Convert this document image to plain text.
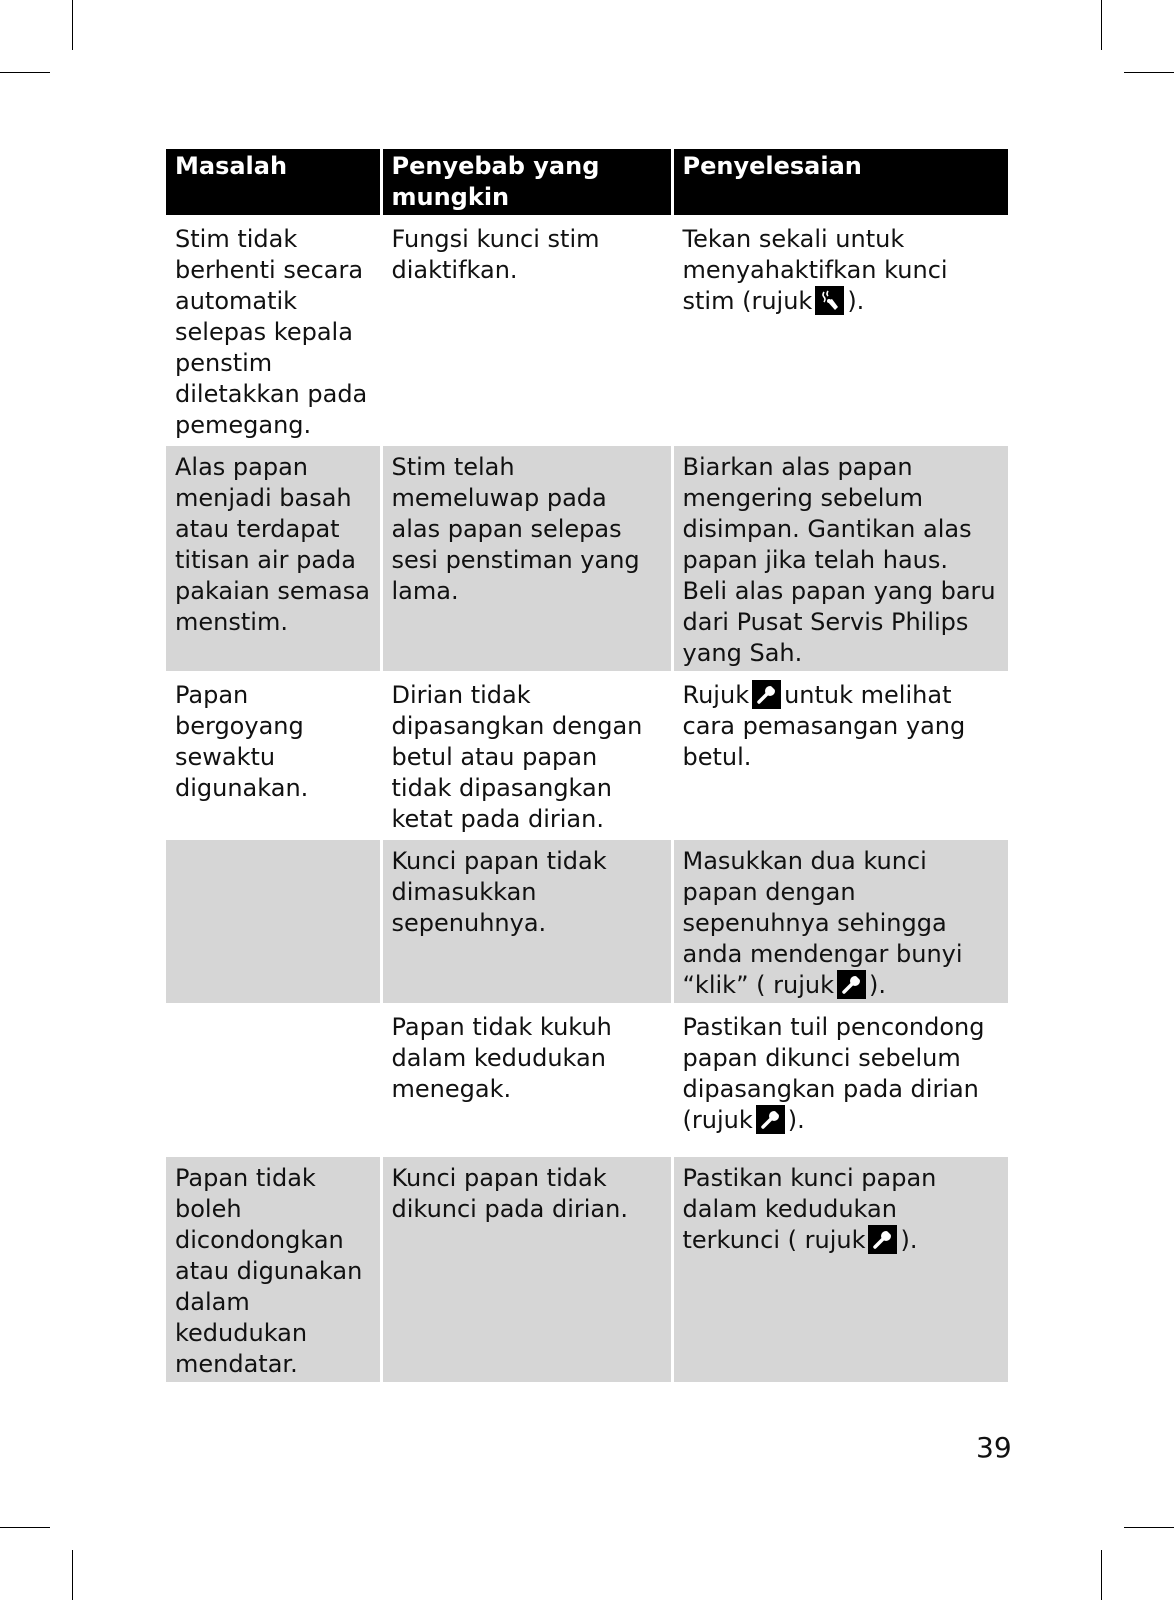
Masalah	Penyebab yang mungkin	Penyelesaian
Stim tidak berhenti secara automatik selepas kepala penstim diletakkan pada pemegang.	Fungsi kunci stim diaktifkan.	Tekan sekali untuk menyahaktifkan kunci stim (rujuk ).
Alas papan menjadi basah atau terdapat titisan air pada pakaian semasa menstim.	Stim telah memeluwap pada alas papan selepas sesi penstiman yang lama.	Biarkan alas papan mengering sebelum disimpan. Gantikan alas papan jika telah haus. Beli alas papan yang baru dari Pusat Servis Philips yang Sah.
Papan bergoyang sewaktu digunakan.	Dirian tidak dipasangkan dengan betul atau papan tidak dipasangkan ketat pada dirian.	Rujuk untuk melihat cara pemasangan yang betul.
	Kunci papan tidak dimasukkan sepenuhnya.	Masukkan dua kunci papan dengan sepenuhnya sehingga anda mendengar bunyi “klik” ( rujuk ).
	Papan tidak kukuh dalam kedudukan menegak.	Pastikan tuil pencondong papan dikunci sebelum dipasangkan pada dirian (rujuk ).
Papan tidak boleh dicondongkan atau digunakan dalam kedudukan mendatar.	Kunci papan tidak dikunci pada dirian.	Pastikan kunci papan dalam kedudukan terkunci ( rujuk ).
39
